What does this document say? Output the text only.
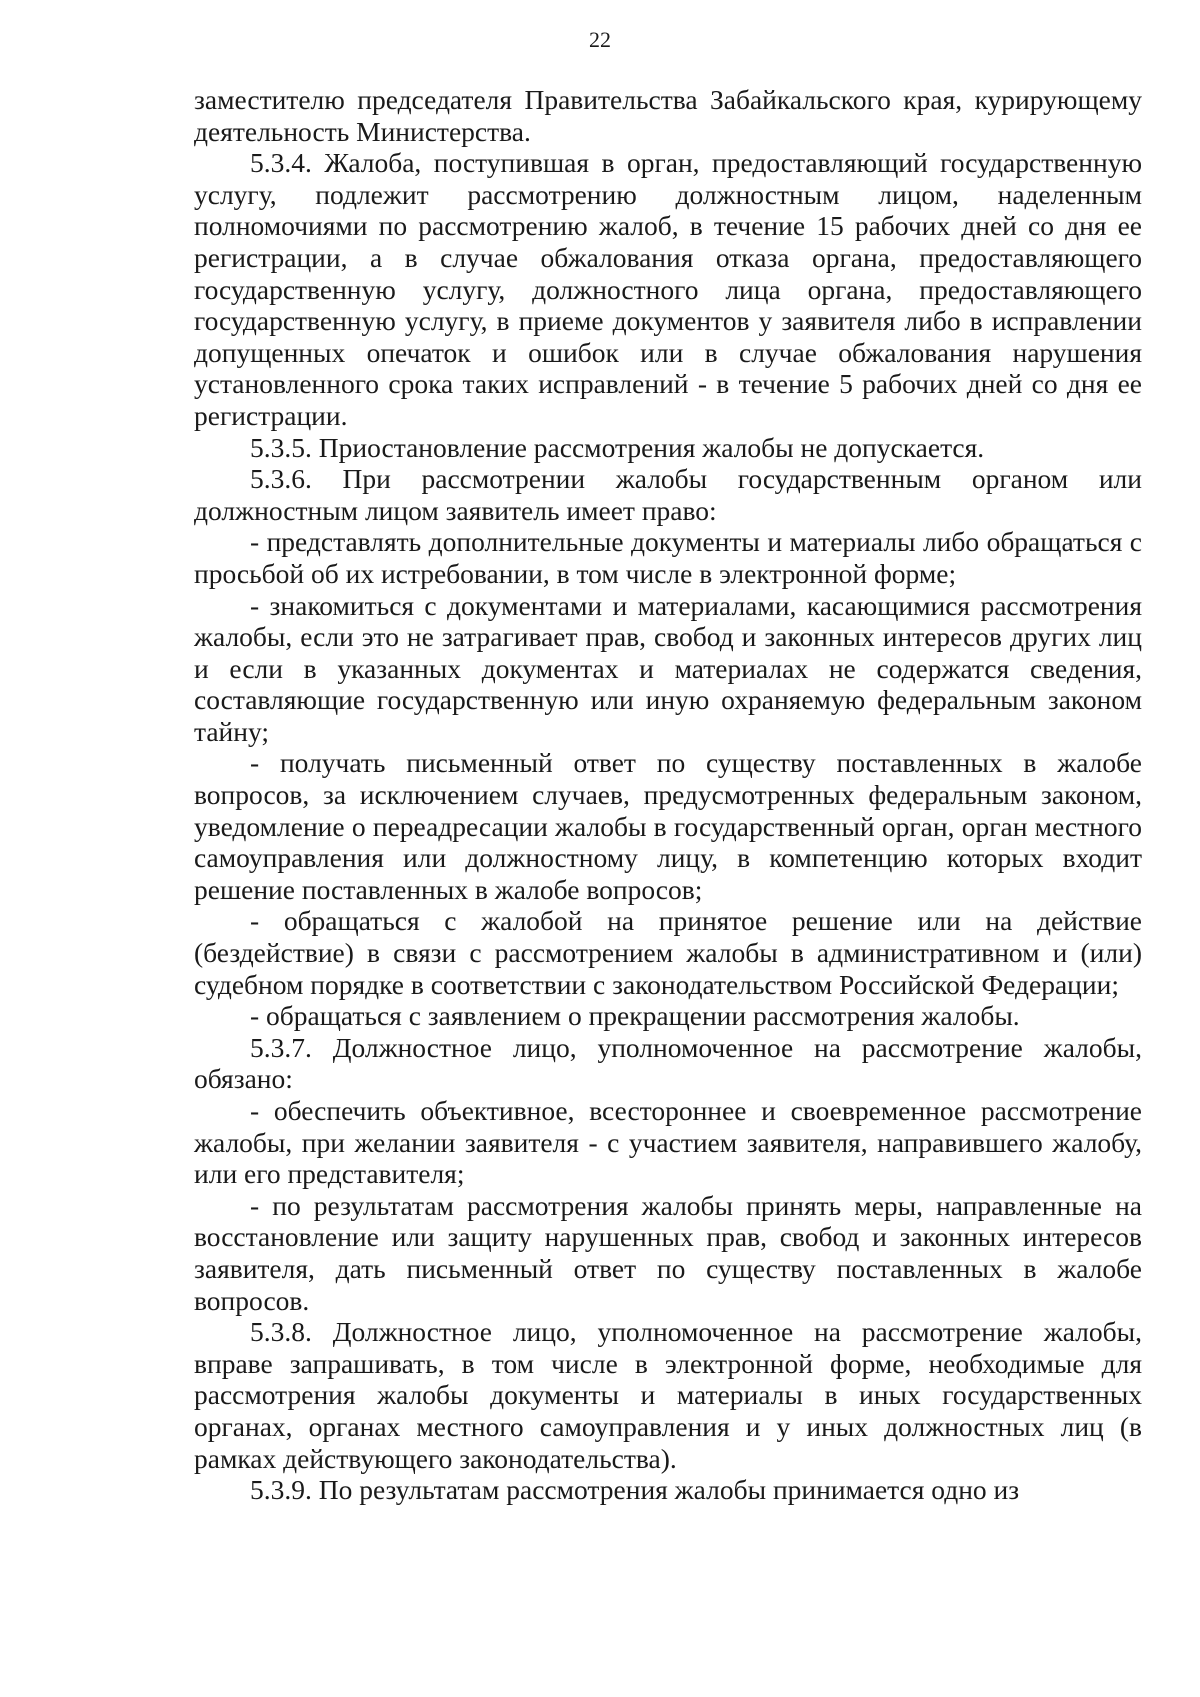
22

заместителю председателя Правительства Забайкальского края, курирующему деятельность Министерства.

5.3.4. Жалоба, поступившая в орган, предоставляющий государственную услугу, подлежит рассмотрению должностным лицом, наделенным полномочиями по рассмотрению жалоб, в течение 15 рабочих дней со дня ее регистрации, а в случае обжалования отказа органа, предоставляющего государственную услугу, должностного лица органа, предоставляющего государственную услугу, в приеме документов у заявителя либо в исправлении допущенных опечаток и ошибок или в случае обжалования нарушения установленного срока таких исправлений - в течение 5 рабочих дней со дня ее регистрации.

5.3.5. Приостановление рассмотрения жалобы не допускается.

5.3.6. При рассмотрении жалобы государственным органом или должностным лицом заявитель имеет право:

- представлять дополнительные документы и материалы либо обращаться с просьбой об их истребовании, в том числе в электронной форме;

- знакомиться с документами и материалами, касающимися рассмотрения жалобы, если это не затрагивает прав, свобод и законных интересов других лиц и если в указанных документах и материалах не содержатся сведения, составляющие государственную или иную охраняемую федеральным законом тайну;

- получать письменный ответ по существу поставленных в жалобе вопросов, за исключением случаев, предусмотренных федеральным законом, уведомление о переадресации жалобы в государственный орган, орган местного самоуправления или должностному лицу, в компетенцию которых входит решение поставленных в жалобе вопросов;

- обращаться с жалобой на принятое решение или на действие (бездействие) в связи с рассмотрением жалобы в административном и (или) судебном порядке в соответствии с законодательством Российской Федерации;

- обращаться с заявлением о прекращении рассмотрения жалобы.

5.3.7. Должностное лицо, уполномоченное на рассмотрение жалобы, обязано:

- обеспечить объективное, всестороннее и своевременное рассмотрение жалобы, при желании заявителя - с участием заявителя, направившего жалобу, или его представителя;

- по результатам рассмотрения жалобы принять меры, направленные на восстановление или защиту нарушенных прав, свобод и законных интересов заявителя, дать письменный ответ по существу поставленных в жалобе вопросов.

5.3.8. Должностное лицо, уполномоченное на рассмотрение жалобы, вправе запрашивать, в том числе в электронной форме, необходимые для рассмотрения жалобы документы и материалы в иных государственных органах, органах местного самоуправления и у иных должностных лиц (в рамках действующего законодательства).

5.3.9. По результатам рассмотрения жалобы принимается одно из
